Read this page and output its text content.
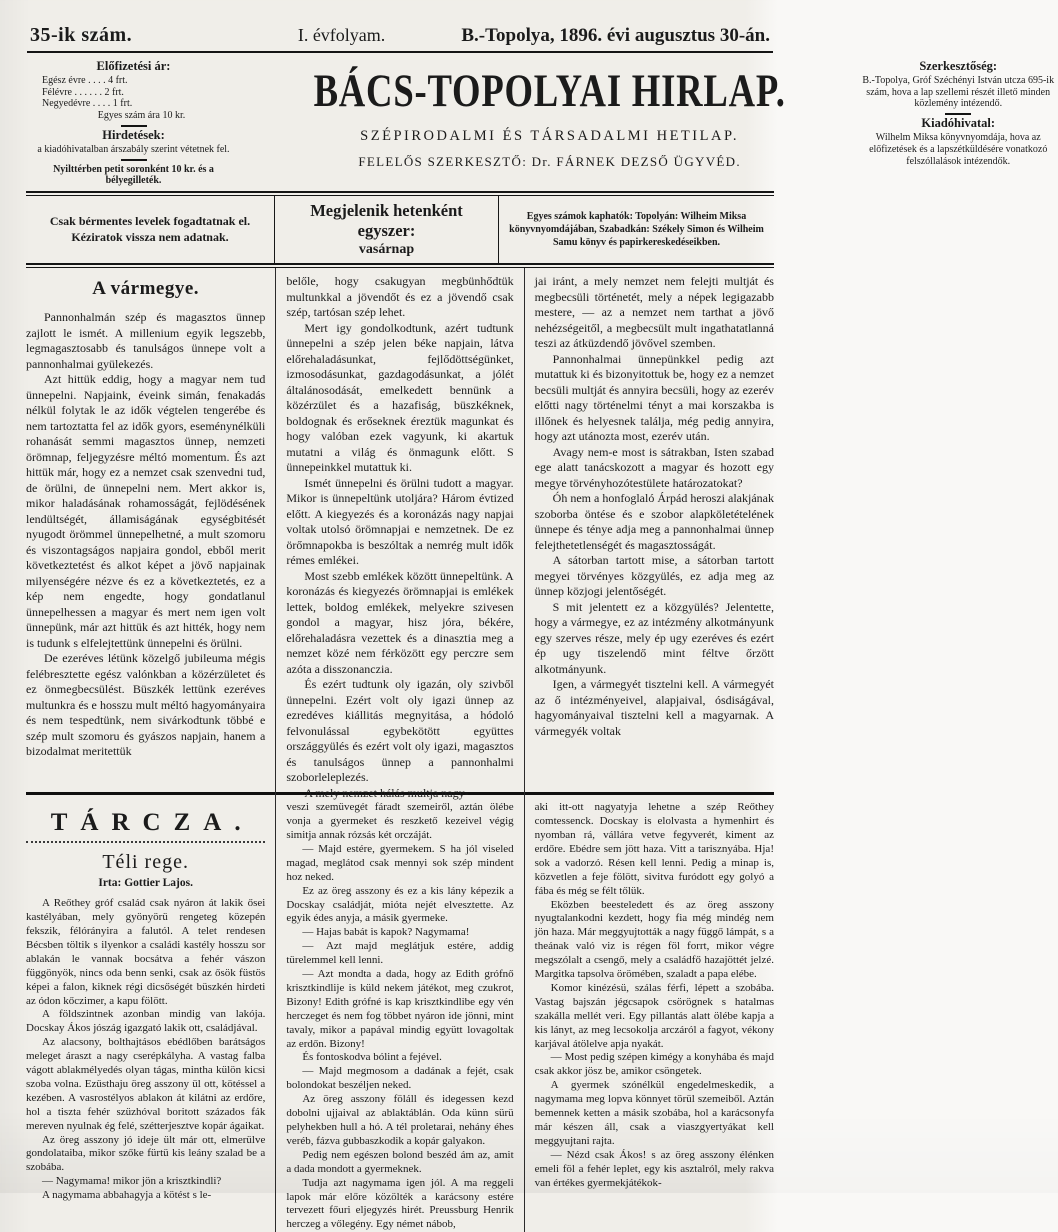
35-ik szám.	I. évfolyam.	B.-Topolya, 1896. évi augusztus 30-án.
Előfizetési ár:
Egész évre . . . . 4 frt.
Félévre . . . . . . 2 frt.
Negyedévre . . . . 1 frt.
Egyes szám ára 10 kr.
Hirdetések:
a kiadóhivatalban árszabály szerint vétetnek fel.
Nyilttérben petit soronként 10 kr. és a bélyegilleték.
BÁCS-TOPOLYAI HIRLAP.
SZÉPIRODALMI ÉS TÁRSADALMI HETILAP.
FELELŐS SZERKESZTŐ: Dr. FÁRNEK DEZSŐ ÜGYVÉD.
Szerkesztőség:
B.-Topolya, Gróf Széchényi István utcza 695-ik szám, hova a lap szellemi részét illető minden közlemény intézendő.
Kiadóhivatal:
Wilhelm Miksa könyvnyomdája, hova az előfizetések és a lapszétküldésére vonatkozó felszóllalások intézendők.
Csak bérmentes levelek fogadtatnak el. Kéziratok vissza nem adatnak.
Megjelenik hetenként egyszer:
vasárnap
Egyes számok kaphatók: Topolyán: Wilheim Miksa könyvnyomdájában, Szabadkán: Székely Simon és Wilheim Samu könyv és papirkereskedéseikben.
A vármegye.

Pannonhalmán szép és magasztos ünnep zajlott le ismét. A millenium egyik legszebb, legmagasztosabb és tanulságos ünnepe volt a pannonhalmai gyülekezés.

Azt hittük eddig, hogy a magyar nem tud ünnepelni. Napjaink, éveink simán, fenakadás nélkül folytak le az idők végtelen tengerébe és nem tartoztatta fel az idők gyors, eseménynélküli rohanását semmi magasztos ünnep, nemzeti örömnap, feljegyzésre méltó momentum. És azt hittük már, hogy ez a nemzet csak szenvedni tud, de örülni, de ünnepelni nem. Mert akkor is, mikor haladásának rohamosságát, fejlödésének lendültségét, államiságának egységbitését nyugodt örömmel ünnepelhetné, a mult szomoru és viszontagságos napjaira gondol, ebből merit következtetést és alkot képet a jövő napjainak milyenségére nézve és ez a következtetés, ez a kép nem engedte, hogy gondatlanul ünnepelhessen a magyar és mert nem igen volt ünnepünk, már azt hittük és azt hitték, hogy nem is tudunk s elfelejtettünk ünnepelni és örülni.

De ezeréves létünk közelgő jubileuma mégis felébresztette egész valónkban a közérzületet és ez önmegbecsülést. Büszkék lettünk ezeréves multunkra és e hosszu mult méltó hagyományaira és nem tespedtünk, nem sivárkodtunk többé e szép mult szomoru és gyászos napjain, hanem a bizodalmat meritettük

belőle, hogy csakugyan megbünhődtük multunkkal a jövendőt és ez a jövendő csak szép, tartósan szép lehet.

Mert igy gondolkodtunk, azért tudtunk ünnepelni a szép jelen béke napjain, látva előrehaladásunkat, fejlődöttségünket, izmosodásunkat, gazdagodásunkat, a jólét általánosodását, emelkedett bennünk a közérzület és a hazafiság, büszkéknek, boldognak és erőseknek éreztük magunkat és hogy valóban ezek vagyunk, ki akartuk mutatni a világ és önmagunk előtt. S ünnepeinkkel mutattuk ki.

Ismét ünnepelni és örülni tudott a magyar. Mikor is ünnepeltünk utoljára? Három évtized előtt. A kiegyezés és a koronázás nagy napjai voltak utolsó örömnapjai e nemzetnek. De ez örőmnapokba is beszóltak a nemrég mult idők rémes emlékei.

Most szebb emlékek között ünnepeltünk. A koronázás és kiegyezés örömnapjai is emlékek lettek, boldog emlékek, melyekre szivesen gondol a magyar, hisz jóra, békére, előrehaladásra vezettek és a dinasztia meg a nemzet közé nem férközött egy perczre sem azóta a disszonanczia.

És ezért tudtunk oly igazán, oly szivből ünnepelni. Ezért volt oly igazi ünnep az ezredéves kiállitás megnyitása, a hódoló felvonulással egybekötött együttes országgyülés és ezért volt oly igazi, magasztos és tanulságos ünnep a pannonhalmi szoborleleplezés.

A mely nemzet hálás multja nagy-

jai iránt, a mely nemzet nem felejti multját és megbecsüli történetét, mely a népek legigazabb mestere, — az a nemzet nem tarthat a jövő nehézségeitől, a megbecsült mult ingathatatlanná teszi az átküzdendő jövővel szemben.

Pannonhalmai ünnepünkkel pedig azt mutattuk ki és bizonyitottuk be, hogy ez a nemzet becsüli multját és annyira becsüli, hogy az ezerév előtti nagy történelmi tényt a mai korszakba is illőnek és helyesnek találja, még pedig annyira, hogy azt utánozta most, ezerév után.

Avagy nem-e most is sátrakban, Isten szabad ege alatt tanácskozott a magyar és hozott egy megye törvényhozótestülete határozatokat?

Óh nem a honfoglaló Árpád heroszi alakjának szoborba öntése és e szobor alapköletételének ünnepe és ténye adja meg a pannonhalmai ünnep felejthetetlenségét és magasztosságát.

A sátorban tartott mise, a sátorban tartott megyei törvényes közgyülés, ez adja meg az ünnep közjogi jelentőségét.

S mit jelentett ez a közgyülés? Jelentette, hogy a vármegye, ez az intézmény alkotmányunk egy szerves része, mely ép ugy ezeréves és ezért ép ugy tiszelendő mint féltve őrzött alkotmányunk.

Igen, a vármegyét tisztelni kell. A vármegyét az ő intézményeivel, alapjaival, ósdiságával, hagyományaival tisztelni kell a magyarnak. A vármegyék voltak

TÁRCZA.
Téli rege.
Irta: Gottier Lajos.

A Reőthey gróf család csak nyáron át lakik ősei kastélyában, mely gyönyörü rengeteg közepén fekszik, félórányira a falutól. A telet rendesen Bécsben töltik s ilyenkor a családi kastély hosszu sor ablakán le vannak bocsátva a fehér vászon függönyök, nincs oda benn senki, csak az ősök füstös képei a falon, kiknek régi dicsőségét büszkén hirdeti az ódon kőczimer, a kapu fölött.

A földszintnek azonban mindig van lakója. Docskay Ákos jószág igazgató lakik ott, családjával.

Az alacsony, bolthajtásos ebédlőben barátságos meleget áraszt a nagy cserépkályha. A vastag falba vágott ablakmélyedés olyan tágas, mintha külön kicsi szoba volna. Ezüsthaju öreg asszony ül ott, kötéssel a kezében. A vasrostélyos ablakon át kilátni az erdőre, hol a tiszta fehér szüzhóval boritott százados fák mereven nyulnak ég felé, szétterjesztve kopár ágaikat.

Az öreg asszony jó ideje ült már ott, elmerülve gondolataiba, mikor szőke fürtü kis leány szalad be a szobába.

— Nagymama! mikor jön a krisztkindli?

A nagymama abbahagyja a kötést s le-

veszi szemüvegét fáradt szemeiről, aztán ölébe vonja a gyermeket és reszkető kezeivel végig simitja annak rózsás két orczáját.

— Majd estére, gyermekem. S ha jól viseled magad, meglátod csak mennyi sok szép mindent hoz neked.

Ez az öreg asszony és ez a kis lány képezik a Docskay családját, mióta nejét elvesztette. Az egyik édes anyja, a másik gyermeke.

— Hajas babát is kapok? Nagymama!

— Azt majd meglátjuk estére, addig türelemmel kell lenni.

— Azt mondta a dada, hogy az Edith grófnő krisztkindlije is küld nekem játékot, meg czukrot, Bizony! Edith grófné is kap krisztkindlibe egy vén herczeget és nem fog többet nyáron ide jönni, mint tavaly, mikor a papával mindig együtt lovagoltak az erdőn. Bizony!

És fontoskodva bólint a fejével.

— Majd megmosom a dadának a fejét, csak bolondokat beszéljen neked.

Az öreg asszony föláll és idegessen kezd dobolni ujjaival az ablaktáblán. Oda künn sürü pelyhekben hull a hó. A tél proletarai, nehány éhes veréb, fázva gubbaszkodik a kopár galyakon.

Pedig nem egészen bolond beszéd ám az, amit a dada mondott a gyermeknek.

Tudja azt nagymama igen jól. A ma reggeli lapok már előre közölték a karácsony estére tervezett főuri eljegyzés hirét. Preussburg Henrik herczeg a vőlegény. Egy német nábob,

aki itt-ott nagyatyja lehetne a szép Reőthey comtessenck. Docskay is elolvasta a hymenhirt és nyomban rá, vállára vetve fegyverét, kiment az erdőre. Ebédre sem jött haza. Vitt a tarisznyába. Hja! sok a vadorzó. Résen kell lenni. Pedig a minap is, közvetlen a feje fölött, sivitva furódott egy golyó a fába és még se félt tőlük.

Eközben beesteledett és az öreg asszony nyugtalankodni kezdett, hogy fia még mindég nem jön haza. Már meggyujtották a nagy függő lámpát, s a theának való viz is régen föl forrt, mikor végre megszólalt a csengő, mely a családfő hazajöttét jelzé. Margitka tapsolva örömében, szaladt a papa elébe.

Komor kinézésü, szálas férfi, lépett a szobába. Vastag bajszán jégcsapok csörögnek s hatalmas szakálla mellét veri. Egy pillantás alatt ölébe kapja a kis lányt, az meg lecsokolja arczáról a fagyot, vékony karjával átölelve apja nyakát.

— Most pedig szépen kimégy a konyhába és majd csak akkor jösz be, amikor csöngetek.

A gyermek szónélkül engedelmeskedik, a nagymama meg lopva könnyet törül szemeiből. Aztán bemennek ketten a másik szobába, hol a karácsonyfa már készen áll, csak a viaszgyertyákat kell meggyujtani rajta.

— Nézd csak Ákos! s az öreg asszony élénken emeli föl a fehér leplet, egy kis asztalról, mely rakva van értékes gyermekjátékok-
